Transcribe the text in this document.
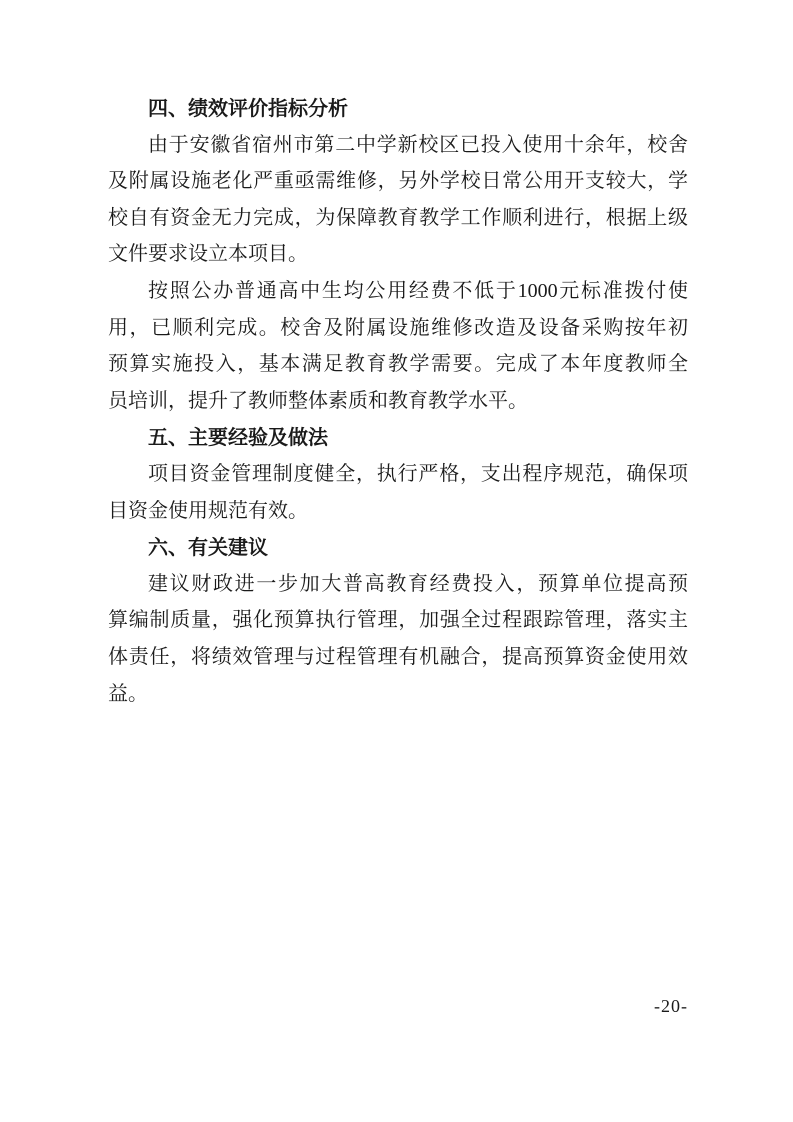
四、绩效评价指标分析
由于安徽省宿州市第二中学新校区已投入使用十余年，校舍
及附属设施老化严重亟需维修，另外学校日常公用开支较大，学
校自有资金无力完成，为保障教育教学工作顺利进行，根据上级
文件要求设立本项目。
按照公办普通高中生均公用经费不低于1000元标准拨付使
用，已顺利完成。校舍及附属设施维修改造及设备采购按年初
预算实施投入，基本满足教育教学需要。完成了本年度教师全
员培训，提升了教师整体素质和教育教学水平。
五、主要经验及做法
项目资金管理制度健全，执行严格，支出程序规范，确保项
目资金使用规范有效。
六、有关建议
建议财政进一步加大普高教育经费投入，预算单位提高预
算编制质量，强化预算执行管理，加强全过程跟踪管理，落实主
体责任，将绩效管理与过程管理有机融合，提高预算资金使用效
益。
-20-
